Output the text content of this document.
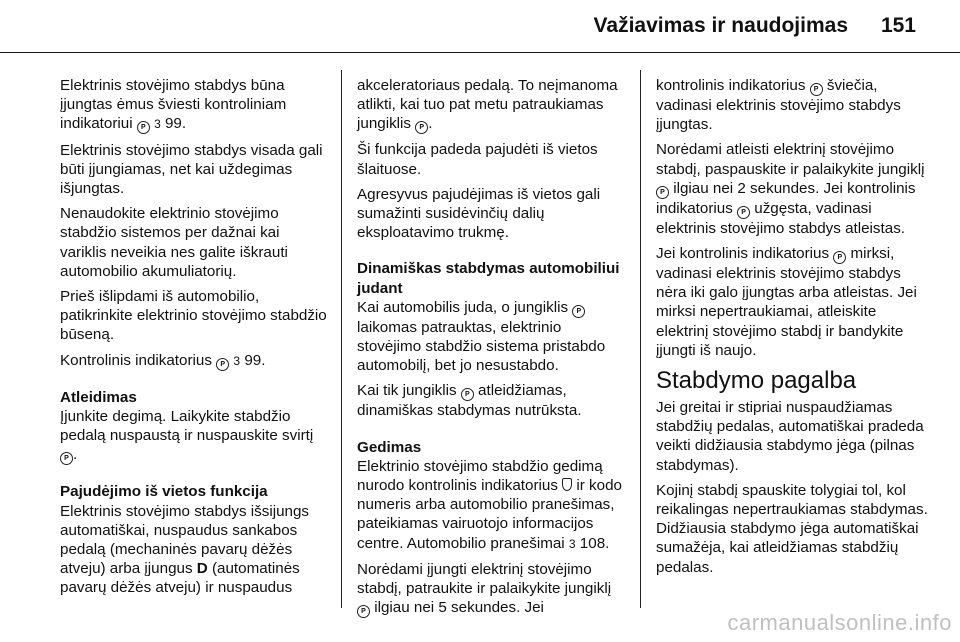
Važiavimas ir naudojimas 151

Elektrinis stovėjimo stabdys būna įjungtas ėmus šviesti kontroliniam indikatoriui P 3 99.

Elektrinis stovėjimo stabdys visada gali būti įjungiamas, net kai uždegimas išjungtas.

Nenaudokite elektrinio stovėjimo stabdžio sistemos per dažnai kai variklis neveikia nes galite iškrauti automobilio akumuliatorių.

Prieš išlipdami iš automobilio, patikrinkite elektrinio stovėjimo stabdžio būseną.

Kontrolinis indikatorius P 3 99.

Atleidimas

Įjunkite degimą. Laikykite stabdžio pedalą nuspaustą ir nuspauskite svirtį P .

Pajudėjimo iš vietos funkcija

Elektrinis stovėjimo stabdys išsijungs automatiškai, nuspaudus sankabos pedalą (mechaninės pavarų dėžės atveju) arba įjungus D (automatinės pavarų dėžės atveju) ir nuspaudus

akceleratoriaus pedalą. To neįmanoma atlikti, kai tuo pat metu patraukiamas jungiklis P .

Ši funkcija padeda pajudėti iš vietos šlaituose.

Agresyvus pajudėjimas iš vietos gali sumažinti susidėvinčių dalių eksploatavimo trukmę.

Dinamiškas stabdymas automobiliui judant

Kai automobilis juda, o jungiklis P laikomas patrauktas, elektrinio stovėjimo stabdžio sistema pristabdo automobilį, bet jo nesustabdo.

Kai tik jungiklis P atleidžiamas, dinamiškas stabdymas nutrūksta.

Gedimas

Elektrinio stovėjimo stabdžio gedimą nurodo kontrolinis indikatorius  ir kodo numeris arba automobilio pranešimas, pateikiamas vairuotojo informacijos centre. Automobilio pranešimai 3 108.

Norėdami įjungti elektrinį stovėjimo stabdį, patraukite ir palaikykite jungiklį P ilgiau nei 5 sekundes. Jei

kontrolinis indikatorius P šviečia, vadinasi elektrinis stovėjimo stabdys įjungtas.

Norėdami atleisti elektrinį stovėjimo stabdį, paspauskite ir palaikykite jungiklį P ilgiau nei 2 sekundes. Jei kontrolinis indikatorius P užgęsta, vadinasi elektrinis stovėjimo stabdys atleistas.

Jei kontrolinis indikatorius P mirksi, vadinasi elektrinis stovėjimo stabdys nėra iki galo įjungtas arba atleistas. Jei mirksi nepertraukiamai, atleiskite elektrinį stovėjimo stabdį ir bandykite įjungti iš naujo.

Stabdymo pagalba

Jei greitai ir stipriai nuspaudžiamas stabdžių pedalas, automatiškai pradeda veikti didžiausia stabdymo jėga (pilnas stabdymas).

Kojinį stabdį spauskite tolygiai tol, kol reikalingas nepertraukiamas stabdymas. Didžiausia stabdymo jėga automatiškai sumažėja, kai atleidžiamas stabdžių pedalas.

carmanualsonline.info
